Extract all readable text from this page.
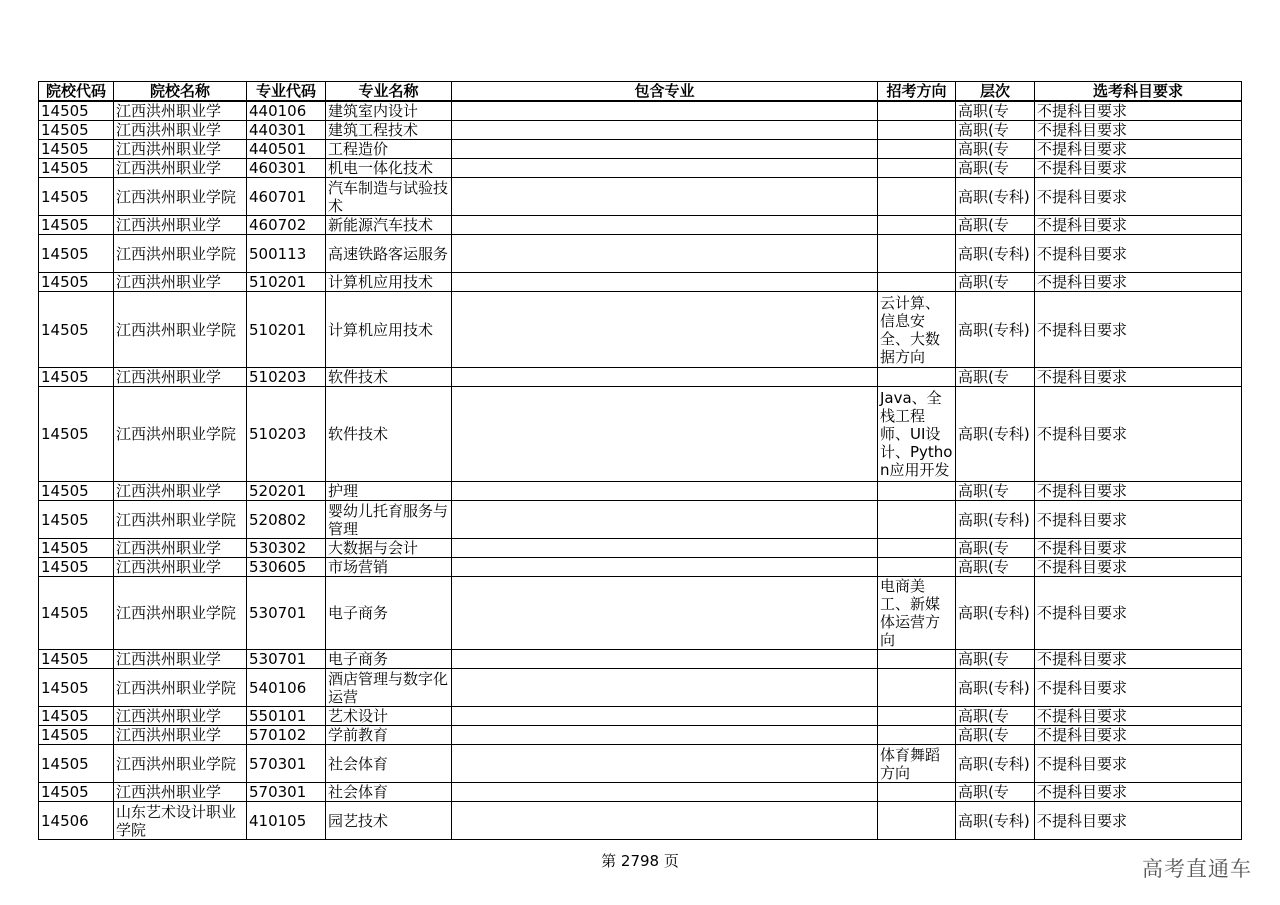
院校代码	院校名称	专业代码	专业名称	包含专业	招考方向	层次	选考科目要求
14505	江西洪州职业学	440106	建筑室内设计			高职(专	不提科目要求
14505	江西洪州职业学	440301	建筑工程技术			高职(专	不提科目要求
14505	江西洪州职业学	440501	工程造价			高职(专	不提科目要求
14505	江西洪州职业学	460301	机电一体化技术			高职(专	不提科目要求
14505	江西洪州职业学院	460701	汽车制造与试验技术			高职(专科)	不提科目要求
14505	江西洪州职业学	460702	新能源汽车技术			高职(专	不提科目要求
14505	江西洪州职业学院	500113	高速铁路客运服务			高职(专科)	不提科目要求
14505	江西洪州职业学	510201	计算机应用技术			高职(专	不提科目要求
14505	江西洪州职业学院	510201	计算机应用技术		云计算、信息安全、大数据方向	高职(专科)	不提科目要求
14505	江西洪州职业学	510203	软件技术			高职(专	不提科目要求
14505	江西洪州职业学院	510203	软件技术		Java、全栈工程师、UI设计、Python应用开发	高职(专科)	不提科目要求
14505	江西洪州职业学	520201	护理			高职(专	不提科目要求
14505	江西洪州职业学院	520802	婴幼儿托育服务与管理			高职(专科)	不提科目要求
14505	江西洪州职业学	530302	大数据与会计			高职(专	不提科目要求
14505	江西洪州职业学	530605	市场营销			高职(专	不提科目要求
14505	江西洪州职业学院	530701	电子商务		电商美工、新媒体运营方向	高职(专科)	不提科目要求
14505	江西洪州职业学	530701	电子商务			高职(专	不提科目要求
14505	江西洪州职业学院	540106	酒店管理与数字化运营			高职(专科)	不提科目要求
14505	江西洪州职业学	550101	艺术设计			高职(专	不提科目要求
14505	江西洪州职业学	570102	学前教育			高职(专	不提科目要求
14505	江西洪州职业学院	570301	社会体育		体育舞蹈方向	高职(专科)	不提科目要求
14505	江西洪州职业学	570301	社会体育			高职(专	不提科目要求
14506	山东艺术设计职业学院	410105	园艺技术			高职(专科)	不提科目要求
第 2798 页	高考直通车
